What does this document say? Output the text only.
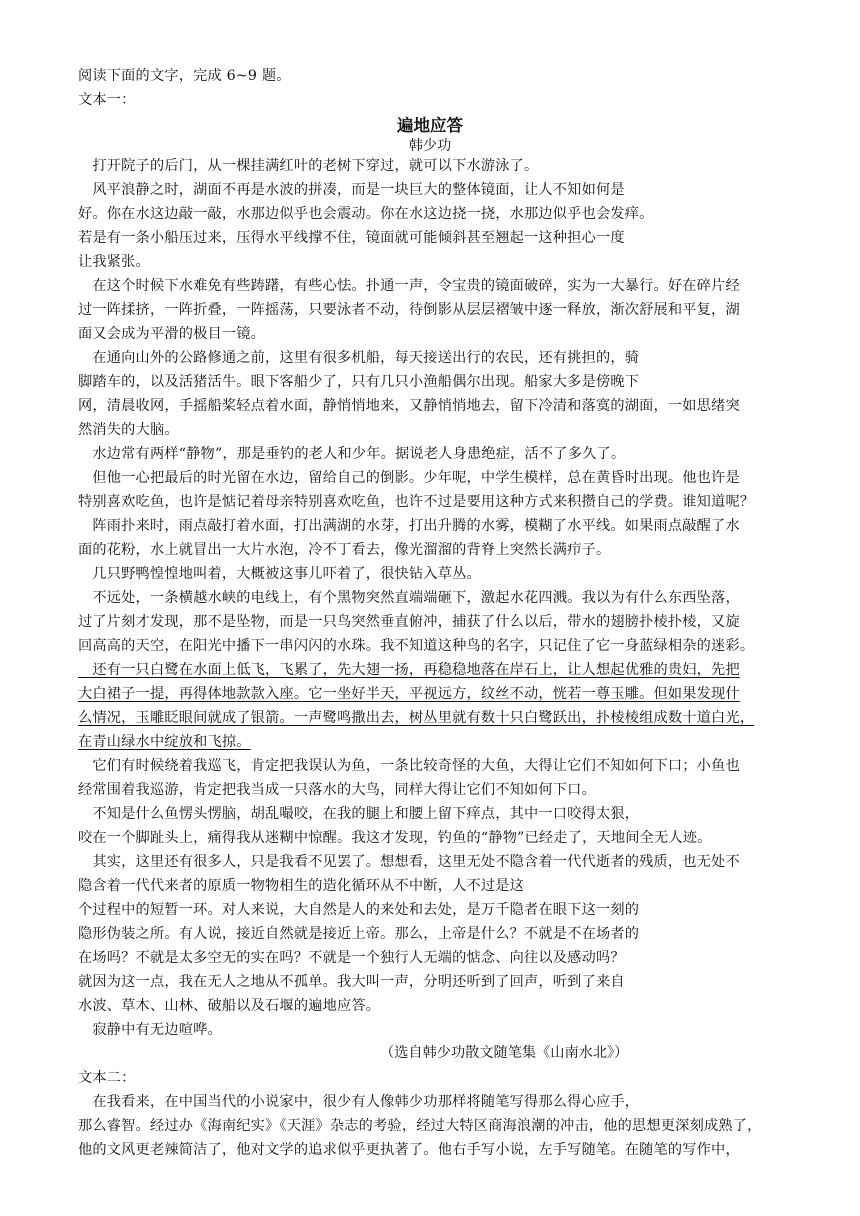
阅读下面的文字，完成 6~9 题。
文本一：
遍地应答
韩少功
　打开院子的后门，从一棵挂满红叶的老树下穿过，就可以下水游泳了。
　风平浪静之时，湖面不再是水波的拼凑，而是一块巨大的整体镜面，让人不知如何是
好。你在水这边敲一敲，水那边似乎也会震动。你在水这边挠一挠，水那边似乎也会发痒。
若是有一条小船压过来，压得水平线撑不住，镜面就可能倾斜甚至翘起一这种担心一度
让我紧张。
　在这个时候下水难免有些踌躇，有些心怯。扑通一声，令宝贵的镜面破碎，实为一大暴行。好在碎片经
过一阵揉挤，一阵折叠，一阵摇荡，只要泳者不动，待倒影从层层褶皱中逐一释放，渐次舒展和平复，湖
面又会成为平滑的极目一镜。
　在通向山外的公路修通之前，这里有很多机船，每天接送出行的农民，还有挑担的，骑
脚踏车的，以及活猪活牛。眼下客船少了，只有几只小渔船偶尔出现。船家大多是傍晚下
网，清晨收网，手摇船桨轻点着水面，静悄悄地来，又静悄悄地去，留下冷清和落寞的湖面，一如思绪突
然消失的大脑。
　水边常有两样“静物”，那是垂钓的老人和少年。据说老人身患绝症，活不了多久了。
　但他一心把最后的时光留在水边，留给自己的倒影。少年呢，中学生模样，总在黄昏时出现。他也许是
特别喜欢吃鱼，也许是惦记着母亲特别喜欢吃鱼，也许不过是要用这种方式来积攒自己的学费。谁知道呢？
　阵雨扑来时，雨点敲打着水面，打出满湖的水芽，打出升腾的水雾，模糊了水平线。如果雨点敲醒了水
面的花粉，水上就冒出一大片水泡，冷不丁看去，像光溜溜的背脊上突然长满疖子。
　几只野鸭惶惶地叫着，大概被这事儿吓着了，很快钻入草丛。
　不远处，一条横越水峡的电线上，有个黑物突然直端端砸下，激起水花四溅。我以为有什么东西坠落，
过了片刻才发现，那不是坠物，而是一只鸟突然垂直俯冲，捕获了什么以后，带水的翅膀扑棱扑棱，又旋
回高高的天空，在阳光中播下一串闪闪的水珠。我不知道这种鸟的名字，只记住了它一身蓝绿相杂的迷彩。
　还有一只白鹭在水面上低飞，飞累了，先大翅一扬，再稳稳地落在岸石上，让人想起优雅的贵妇，先把
大白裙子一提，再得体地款款入座。它一坐好半天，平视远方，纹丝不动，恍若一尊玉雕。但如果发现什
么情况，玉雕眨眼间就成了银箭。一声鹭鸣撒出去，树丛里就有数十只白鹭跃出，扑棱棱组成数十道白光，
在青山绿水中绽放和飞掠。
　它们有时候绕着我巡飞，肯定把我误认为鱼，一条比较奇怪的大鱼，大得让它们不知如何下口；小鱼也
经常围着我巡游，肯定把我当成一只落水的大鸟，同样大得让它们不知如何下口。
　不知是什么鱼愣头愣脑，胡乱嘬咬，在我的腿上和腰上留下痒点，其中一口咬得太狠，
咬在一个脚趾头上，痛得我从迷糊中惊醒。我这才发现，钓鱼的“静物”已经走了，天地间全无人迹。
　其实，这里还有很多人，只是我看不见罢了。想想看，这里无处不隐含着一代代逝者的残质，也无处不
隐含着一代代来者的原质一物物相生的造化循环从不中断，人不过是这
个过程中的短暂一环。对人来说，大自然是人的来处和去处，是万千隐者在眼下这一刻的
隐形伪装之所。有人说，接近自然就是接近上帝。那么，上帝是什么？不就是不在场者的
在场吗？不就是太多空无的实在吗？不就是一个独行人无端的惦念、向往以及感动吗？
就因为这一点，我在无人之地从不孤单。我大叫一声，分明还听到了回声，听到了来自
水波、草木、山林、破船以及石堰的遍地应答。
　寂静中有无边喧哗。
（选自韩少功散文随笔集《山南水北》）
文本二：
　在我看来，在中国当代的小说家中，很少有人像韩少功那样将随笔写得那么得心应手，
那么睿智。经过办《海南纪实》《天涯》杂志的考验，经过大特区商海浪潮的冲击，他的思想更深刻成熟了，
他的文风更老辣简洁了，他对文学的追求似乎更执著了。他右手写小说，左手写随笔。在随笔的写作中，
